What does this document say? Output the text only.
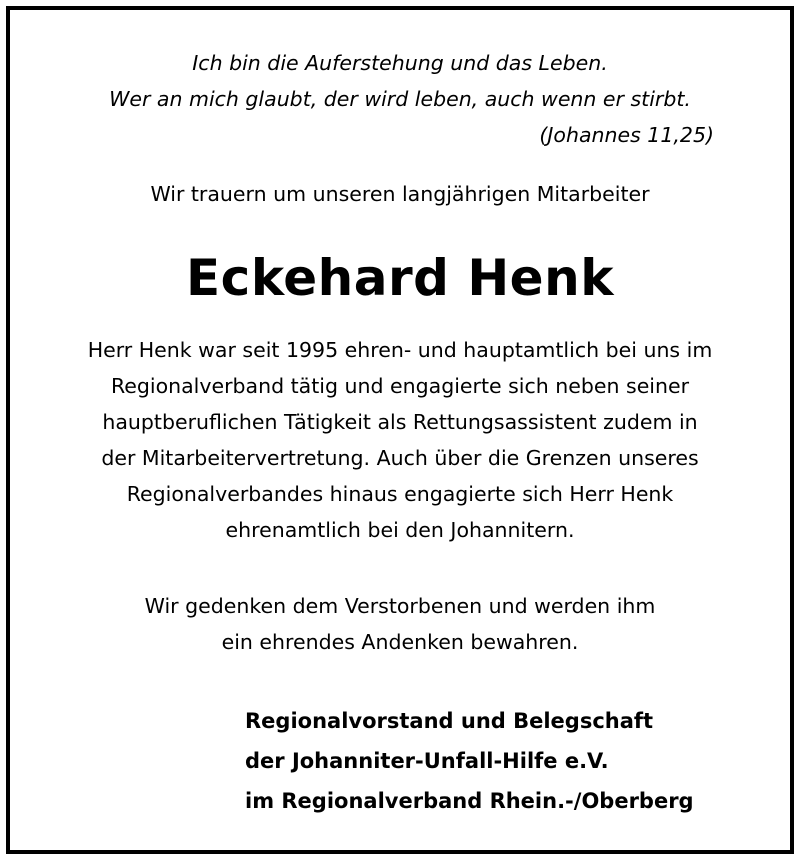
Ich bin die Auferstehung und das Leben.
Wer an mich glaubt, der wird leben, auch wenn er stirbt.
(Johannes 11,25)
Wir trauern um unseren langjährigen Mitarbeiter
Eckehard Henk
Herr Henk war seit 1995 ehren- und hauptamtlich bei uns im
Regionalverband tätig und engagierte sich neben seiner
hauptberuflichen Tätigkeit als Rettungsassistent zudem in
der Mitarbeitervertretung. Auch über die Grenzen unseres
Regionalverbandes hinaus engagierte sich Herr Henk
ehrenamtlich bei den Johannitern.
Wir gedenken dem Verstorbenen und werden ihm
ein ehrendes Andenken bewahren.
Regionalvorstand und Belegschaft
der Johanniter-Unfall-Hilfe e.V.
im Regionalverband Rhein.-/Oberberg
